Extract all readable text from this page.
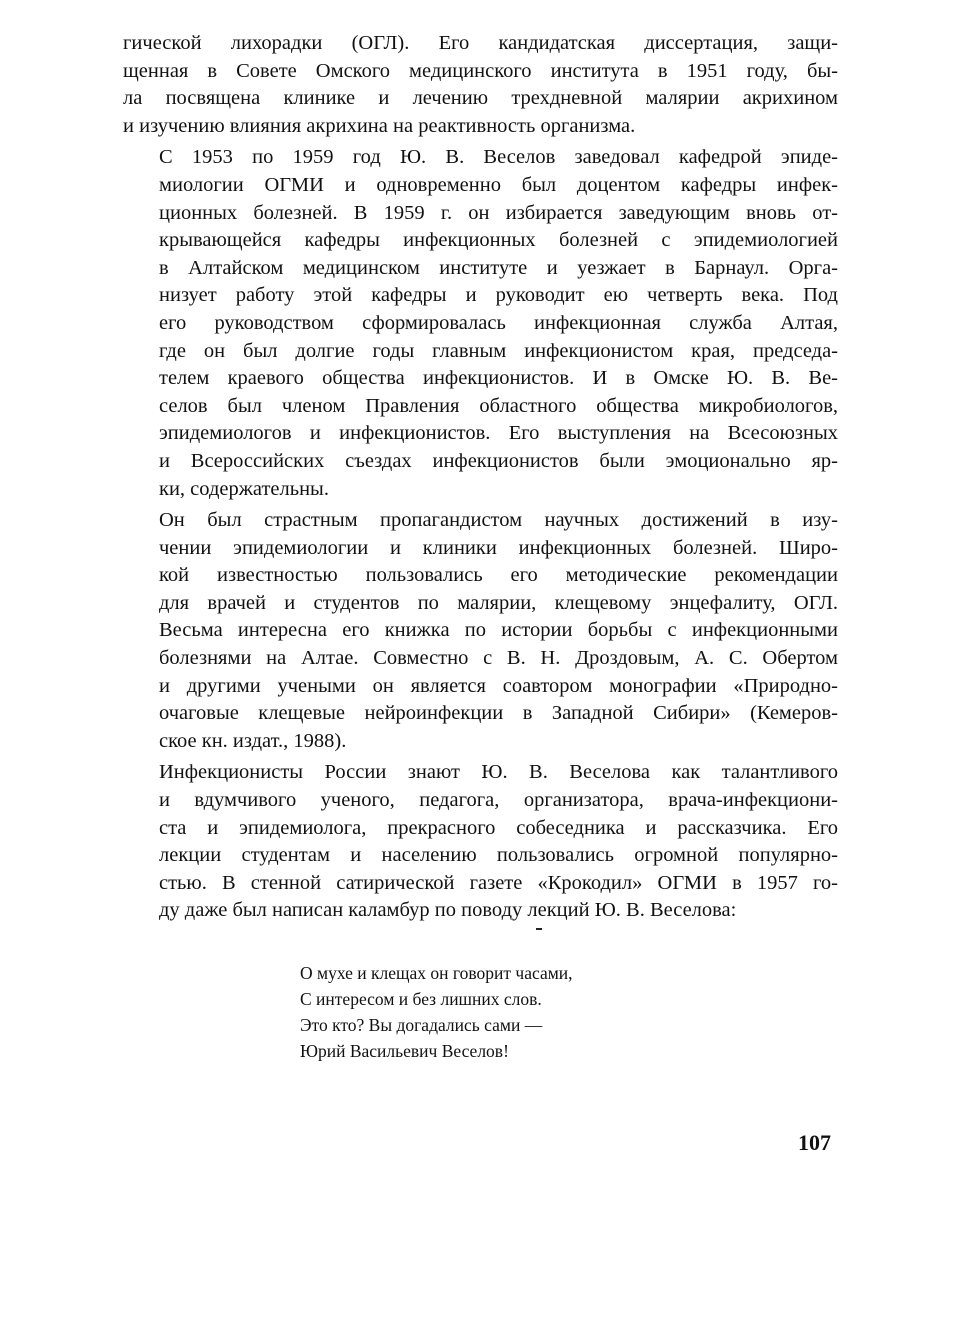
гической лихорадки (ОГЛ). Его кандидатская диссертация, защи-
щенная в Совете Омского медицинского института в 1951 году, бы-
ла посвящена клинике и лечению трехдневной малярии акрихином
и изучению влияния акрихина на реактивность организма.

С 1953 по 1959 год Ю. В. Веселов заведовал кафедрой эпиде-
миологии ОГМИ и одновременно был доцентом кафедры инфек-
ционных болезней. В 1959 г. он избирается заведующим вновь от-
крывающейся кафедры инфекционных болезней с эпидемиологией
в Алтайском медицинском институте и уезжает в Барнаул. Орга-
низует работу этой кафедры и руководит ею четверть века. Под
его руководством сформировалась инфекционная служба Алтая,
где он был долгие годы главным инфекционистом края, председа-
телем краевого общества инфекционистов. И в Омске Ю. В. Ве-
селов был членом Правления областного общества микробиологов,
эпидемиологов и инфекционистов. Его выступления на Всесоюзных
и Всероссийских съездах инфекционистов были эмоционально яр-
ки, содержательны.

Он был страстным пропагандистом научных достижений в изу-
чении эпидемиологии и клиники инфекционных болезней. Широ-
кой известностью пользовались его методические рекомендации
для врачей и студентов по малярии, клещевому энцефалиту, ОГЛ.
Весьма интересна его книжка по истории борьбы с инфекционными
болезнями на Алтае. Совместно с В. Н. Дроздовым, А. С. Обертом
и другими учеными он является соавтором монографии «Природно-
очаговые клещевые нейроинфекции в Западной Сибири» (Кемеров-
ское кн. издат., 1988).

Инфекционисты России знают Ю. В. Веселова как талантливого
и вдумчивого ученого, педагога, организатора, врача-инфекциони-
ста и эпидемиолога, прекрасного собеседника и рассказчика. Его
лекции студентам и населению пользовались огромной популярно-
стью. В стенной сатирической газете «Крокодил» ОГМИ в 1957 го-
ду даже был написан каламбур по поводу лекций Ю. В. Веселова:

О мухе и клещах он говорит часами,
С интересом и без лишних слов.
Это кто? Вы догадались сами —
Юрий Васильевич Веселов!
107
